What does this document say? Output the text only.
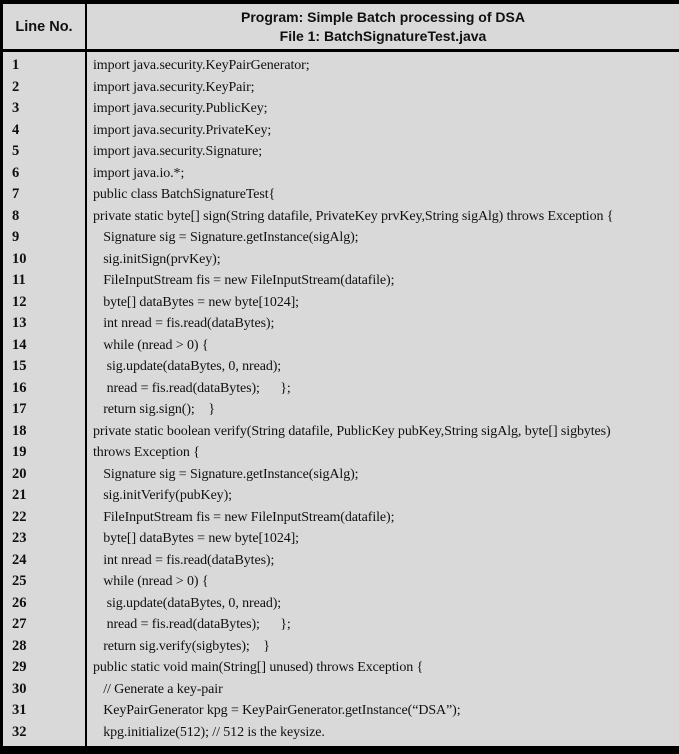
Line No.
Program: Simple Batch processing of DSA
File 1: BatchSignatureTest.java
1
2
3
4
5
6
7
8
9
10
11
12
13
14
15
16
17
18
19
20
21
22
23
24
25
26
27
28
29
30
31
32
import java.security.KeyPairGenerator;
import java.security.KeyPair;
import java.security.PublicKey;
import java.security.PrivateKey;
import java.security.Signature;
import java.io.*;
public class BatchSignatureTest{
private static byte[] sign(String datafile, PrivateKey prvKey,String sigAlg) throws Exception {
Signature sig = Signature.getInstance(sigAlg);
sig.initSign(prvKey);
FileInputStream fis = new FileInputStream(datafile);
byte[] dataBytes = new byte[1024];
int nread = fis.read(dataBytes);
while (nread > 0) {
sig.update(dataBytes, 0, nread);
nread = fis.read(dataBytes);      };
return sig.sign();    }
private static boolean verify(String datafile, PublicKey pubKey,String sigAlg, byte[] sigbytes)
throws Exception {
Signature sig = Signature.getInstance(sigAlg);
sig.initVerify(pubKey);
FileInputStream fis = new FileInputStream(datafile);
byte[] dataBytes = new byte[1024];
int nread = fis.read(dataBytes);
while (nread > 0) {
sig.update(dataBytes, 0, nread);
nread = fis.read(dataBytes);      };
return sig.verify(sigbytes);    }
public static void main(String[] unused) throws Exception {
// Generate a key-pair
KeyPairGenerator kpg = KeyPairGenerator.getInstance(“DSA”);
kpg.initialize(512); // 512 is the keysize.
